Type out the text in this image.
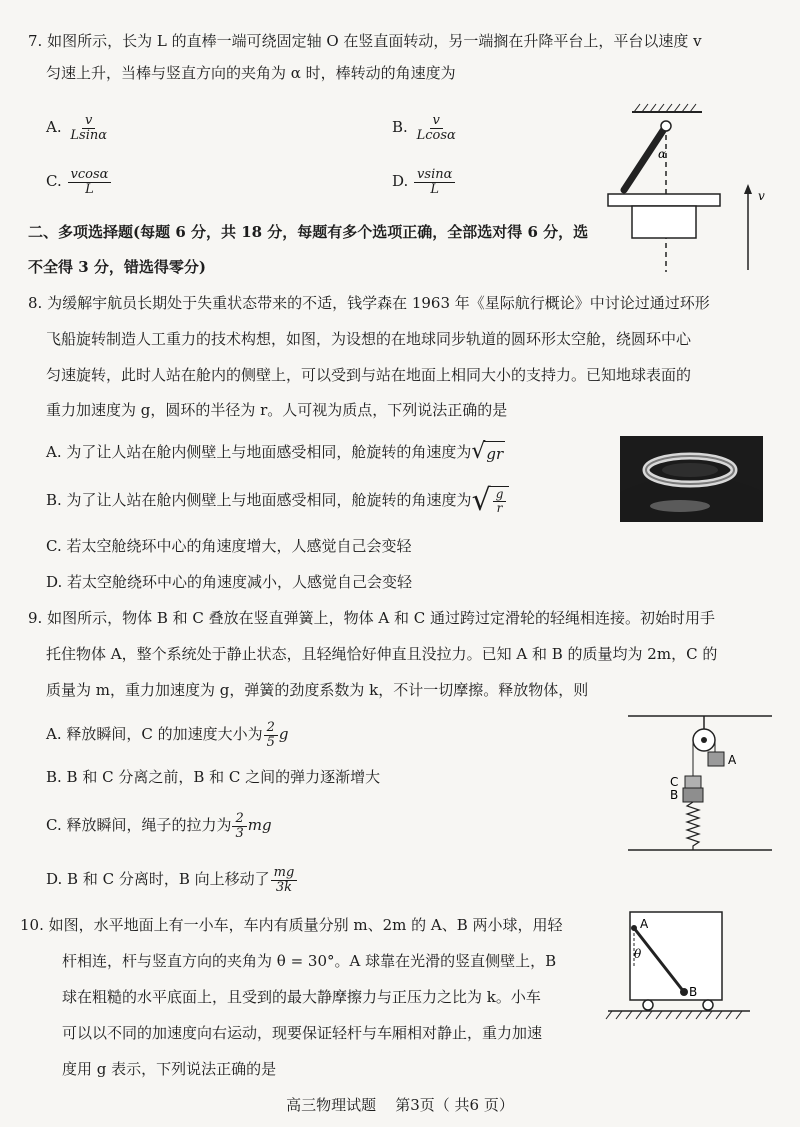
7. 如图所示，长为 L 的直棒一端可绕固定轴 O 在竖直面转动，另一端搁在升降平台上，平台以速度 v
匀速上升，当棒与竖直方向的夹角为 α 时，棒转动的角速度为
A. $\frac{v}{Lsin\alpha}$	B. $\frac{v}{Lcos\alpha}$
C. $\frac{vcos\alpha}{L}$	D. $\frac{vsin\alpha}{L}$
α
v
二、多项选择题(每题 6 分，共 18 分，每题有多个选项正确，全部选对得 6 分，选
不全得 3 分，错选得零分)
8. 为缓解宇航员长期处于失重状态带来的不适，钱学森在 1963 年《星际航行概论》中讨论过通过环形
飞船旋转制造人工重力的技术构想，如图，为设想的在地球同步轨道的圆环形太空舱，绕圆环中心
匀速旋转，此时人站在舱内的侧壁上，可以受到与站在地面上相同大小的支持力。已知地球表面的
重力加速度为 g，圆环的半径为 r。人可视为质点，下列说法正确的是
A. 为了让人站在舱内侧壁上与地面感受相同，舱旋转的角速度为 √ gr
B. 为了让人站在舱内侧壁上与地面感受相同，舱旋转的角速度为 √ $\frac{g}{r}$
C. 若太空舱绕环中心的角速度增大，人感觉自己会变轻
D. 若太空舱绕环中心的角速度减小，人感觉自己会变轻
9. 如图所示，物体 B 和 C 叠放在竖直弹簧上，物体 A 和 C 通过跨过定滑轮的轻绳相连接。初始时用手
托住物体 A，整个系统处于静止状态，且轻绳恰好伸直且没拉力。已知 A 和 B 的质量均为 2m，C 的
质量为 m，重力加速度为 g，弹簧的劲度系数为 k，不计一切摩擦。释放物体，则
A. 释放瞬间，C 的加速度大小为 $\frac{2}{5}$ g
B. B 和 C 分离之前，B 和 C 之间的弹力逐渐增大
C. 释放瞬间，绳子的拉力为 $\frac{2}{3}$ mg
D. B 和 C 分离时，B 向上移动了 $\frac{mg}{3k}$
A
C
B
10. 如图，水平地面上有一小车，车内有质量分别 m、2m 的 A、B 两小球，用轻
杆相连，杆与竖直方向的夹角为 θ = 30°。A 球靠在光滑的竖直侧壁上，B
球在粗糙的水平底面上，且受到的最大静摩擦力与正压力之比为 k。小车
可以以不同的加速度向右运动，现要保证轻杆与车厢相对静止，重力加速
度用 g 表示，下列说法正确的是
A
B
θ
高三物理试题    第3页（ 共6 页）
